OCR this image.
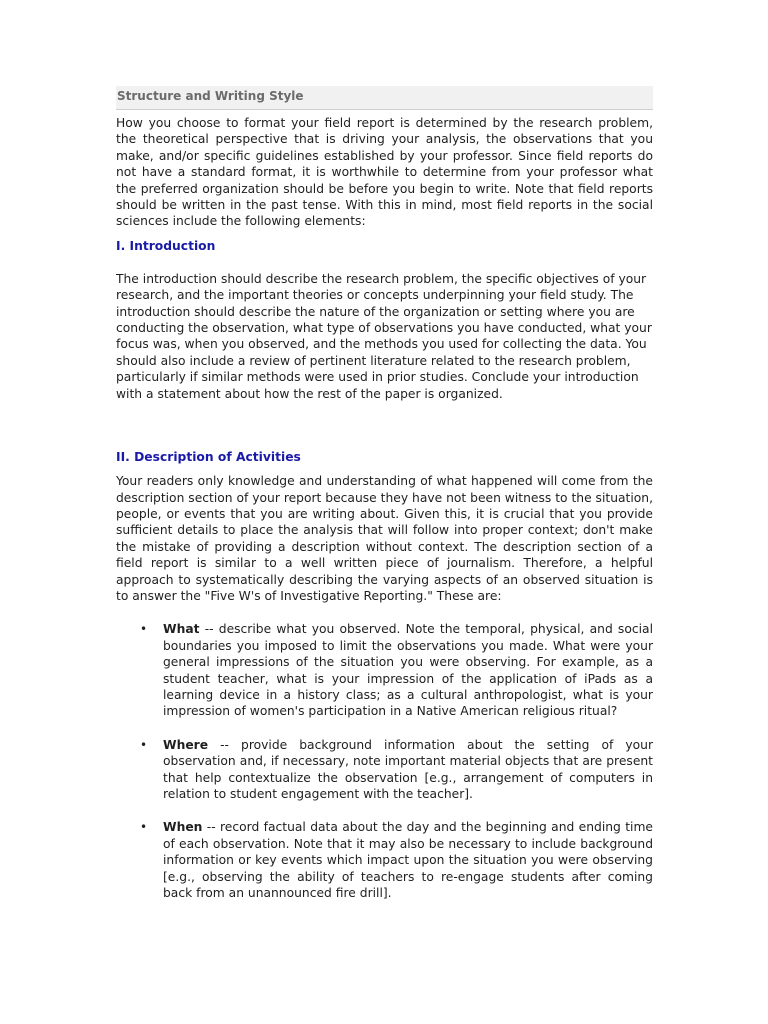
Structure and Writing Style

How you choose to format your field report is determined by the research problem, the theoretical perspective that is driving your analysis, the observations that you make, and/or specific guidelines established by your professor. Since field reports do not have a standard format, it is worthwhile to determine from your professor what the preferred organization should be before you begin to write. Note that field reports should be written in the past tense. With this in mind, most field reports in the social sciences include the following elements:

I. Introduction

The introduction should describe the research problem, the specific objectives of your research, and the important theories or concepts underpinning your field study. The introduction should describe the nature of the organization or setting where you are conducting the observation, what type of observations you have conducted, what your focus was, when you observed, and the methods you used for collecting the data. You should also include a review of pertinent literature related to the research problem, particularly if similar methods were used in prior studies. Conclude your introduction with a statement about how the rest of the paper is organized.

II. Description of Activities

Your readers only knowledge and understanding of what happened will come from the description section of your report because they have not been witness to the situation, people, or events that you are writing about. Given this, it is crucial that you provide sufficient details to place the analysis that will follow into proper context; don't make the mistake of providing a description without context. The description section of a field report is similar to a well written piece of journalism. Therefore, a helpful approach to systematically describing the varying aspects of an observed situation is to answer the "Five W's of Investigative Reporting." These are:

• What -- describe what you observed. Note the temporal, physical, and social boundaries you imposed to limit the observations you made. What were your general impressions of the situation you were observing. For example, as a student teacher, what is your impression of the application of iPads as a learning device in a history class; as a cultural anthropologist, what is your impression of women's participation in a Native American religious ritual?
• Where -- provide background information about the setting of your observation and, if necessary, note important material objects that are present that help contextualize the observation [e.g., arrangement of computers in relation to student engagement with the teacher].
• When -- record factual data about the day and the beginning and ending time of each observation. Note that it may also be necessary to include background information or key events which impact upon the situation you were observing [e.g., observing the ability of teachers to re-engage students after coming back from an unannounced fire drill].
